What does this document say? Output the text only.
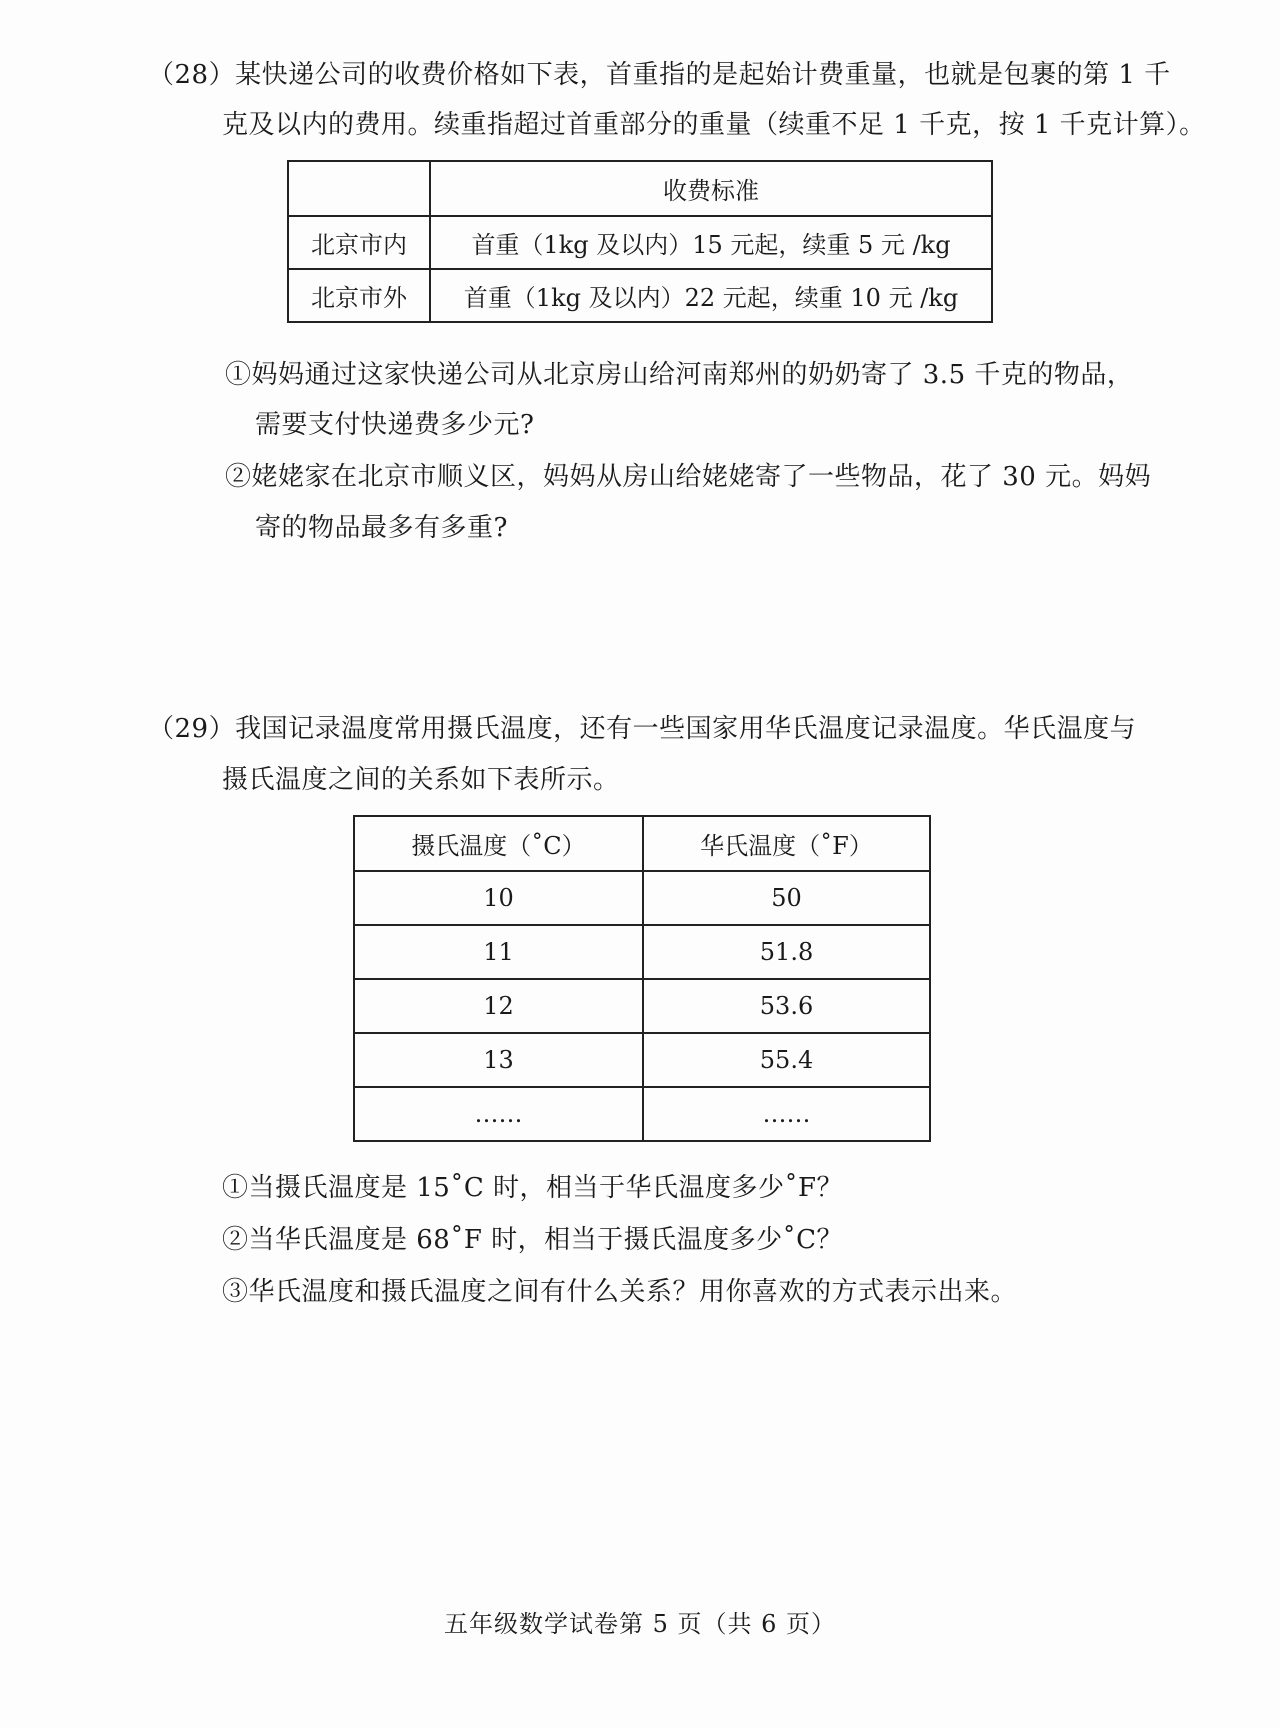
（28）某快递公司的收费价格如下表，首重指的是起始计费重量，也就是包裹的第 1 千
克及以内的费用。续重指超过首重部分的重量（续重不足 1 千克，按 1 千克计算）。
	收费标准
北京市内	首重（1kg 及以内）15 元起，续重 5 元 /kg
北京市外	首重（1kg 及以内）22 元起，续重 10 元 /kg
①妈妈通过这家快递公司从北京房山给河南郑州的奶奶寄了 3.5 千克的物品，
需要支付快递费多少元?
②姥姥家在北京市顺义区，妈妈从房山给姥姥寄了一些物品，花了 30 元。妈妈
寄的物品最多有多重?
（29）我国记录温度常用摄氏温度，还有一些国家用华氏温度记录温度。华氏温度与
摄氏温度之间的关系如下表所示。
摄氏温度（˚C）	华氏温度（˚F）
10	50
11	51.8
12	53.6
13	55.4
……	……
①当摄氏温度是 15˚C 时，相当于华氏温度多少˚F？
②当华氏温度是 68˚F 时，相当于摄氏温度多少˚C？
③华氏温度和摄氏温度之间有什么关系？用你喜欢的方式表示出来。
五年级数学试卷第 5 页（共 6 页）
